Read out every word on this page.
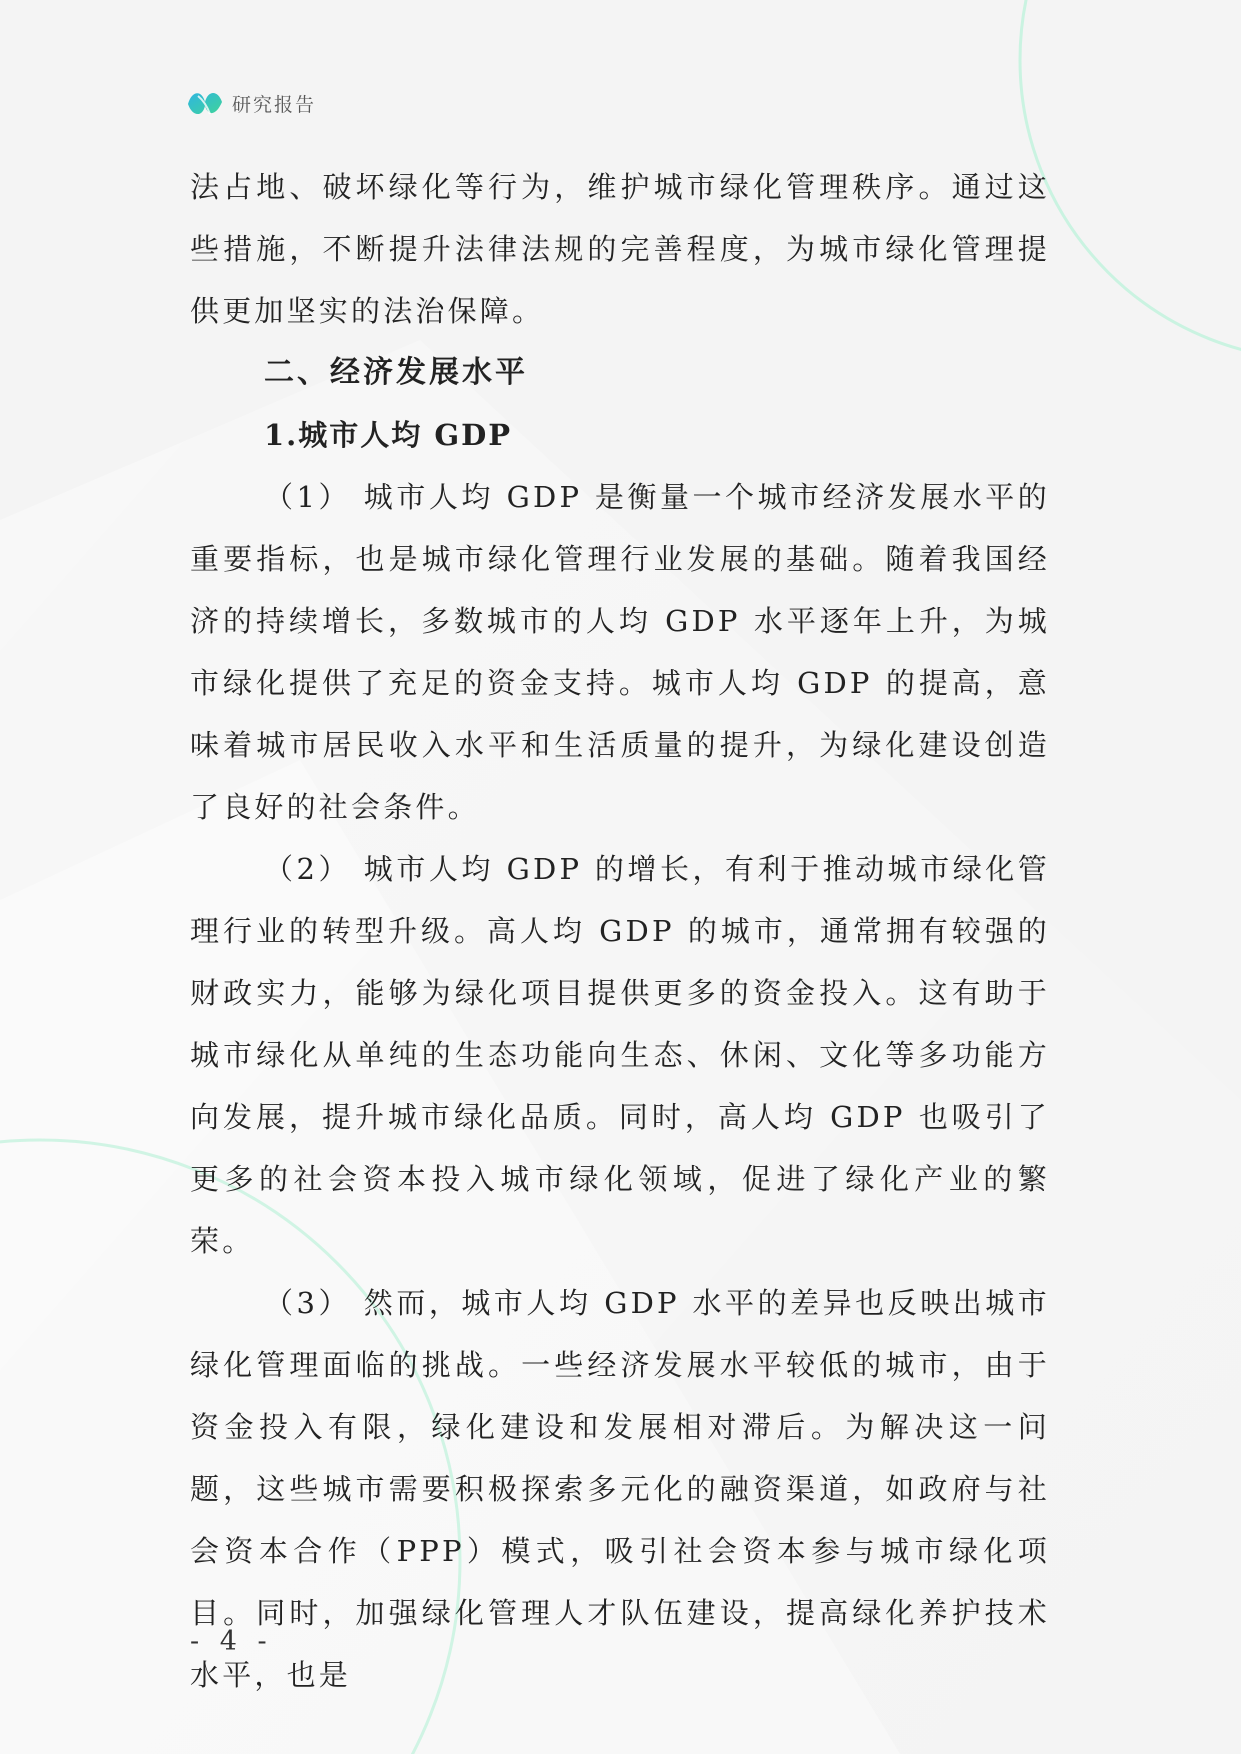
研究报告

法占地、破坏绿化等行为，维护城市绿化管理秩序。通过这些措施，不断提升法律法规的完善程度，为城市绿化管理提供更加坚实的法治保障。

二、经济发展水平
1.城市人均 GDP

（1） 城市人均 GDP 是衡量一个城市经济发展水平的重要指标，也是城市绿化管理行业发展的基础。随着我国经济的持续增长，多数城市的人均 GDP 水平逐年上升，为城市绿化提供了充足的资金支持。城市人均 GDP 的提高，意味着城市居民收入水平和生活质量的提升，为绿化建设创造了良好的社会条件。

（2） 城市人均 GDP 的增长，有利于推动城市绿化管理行业的转型升级。高人均 GDP 的城市，通常拥有较强的财政实力，能够为绿化项目提供更多的资金投入。这有助于城市绿化从单纯的生态功能向生态、休闲、文化等多功能方向发展，提升城市绿化品质。同时，高人均 GDP 也吸引了更多的社会资本投入城市绿化领域，促进了绿化产业的繁荣。

（3） 然而，城市人均 GDP 水平的差异也反映出城市绿化管理面临的挑战。一些经济发展水平较低的城市，由于资金投入有限，绿化建设和发展相对滞后。为解决这一问题，这些城市需要积极探索多元化的融资渠道，如政府与社会资本合作（PPP）模式，吸引社会资本参与城市绿化项目。同时，加强绿化管理人才队伍建设，提高绿化养护技术水平，也是

- 4 -
